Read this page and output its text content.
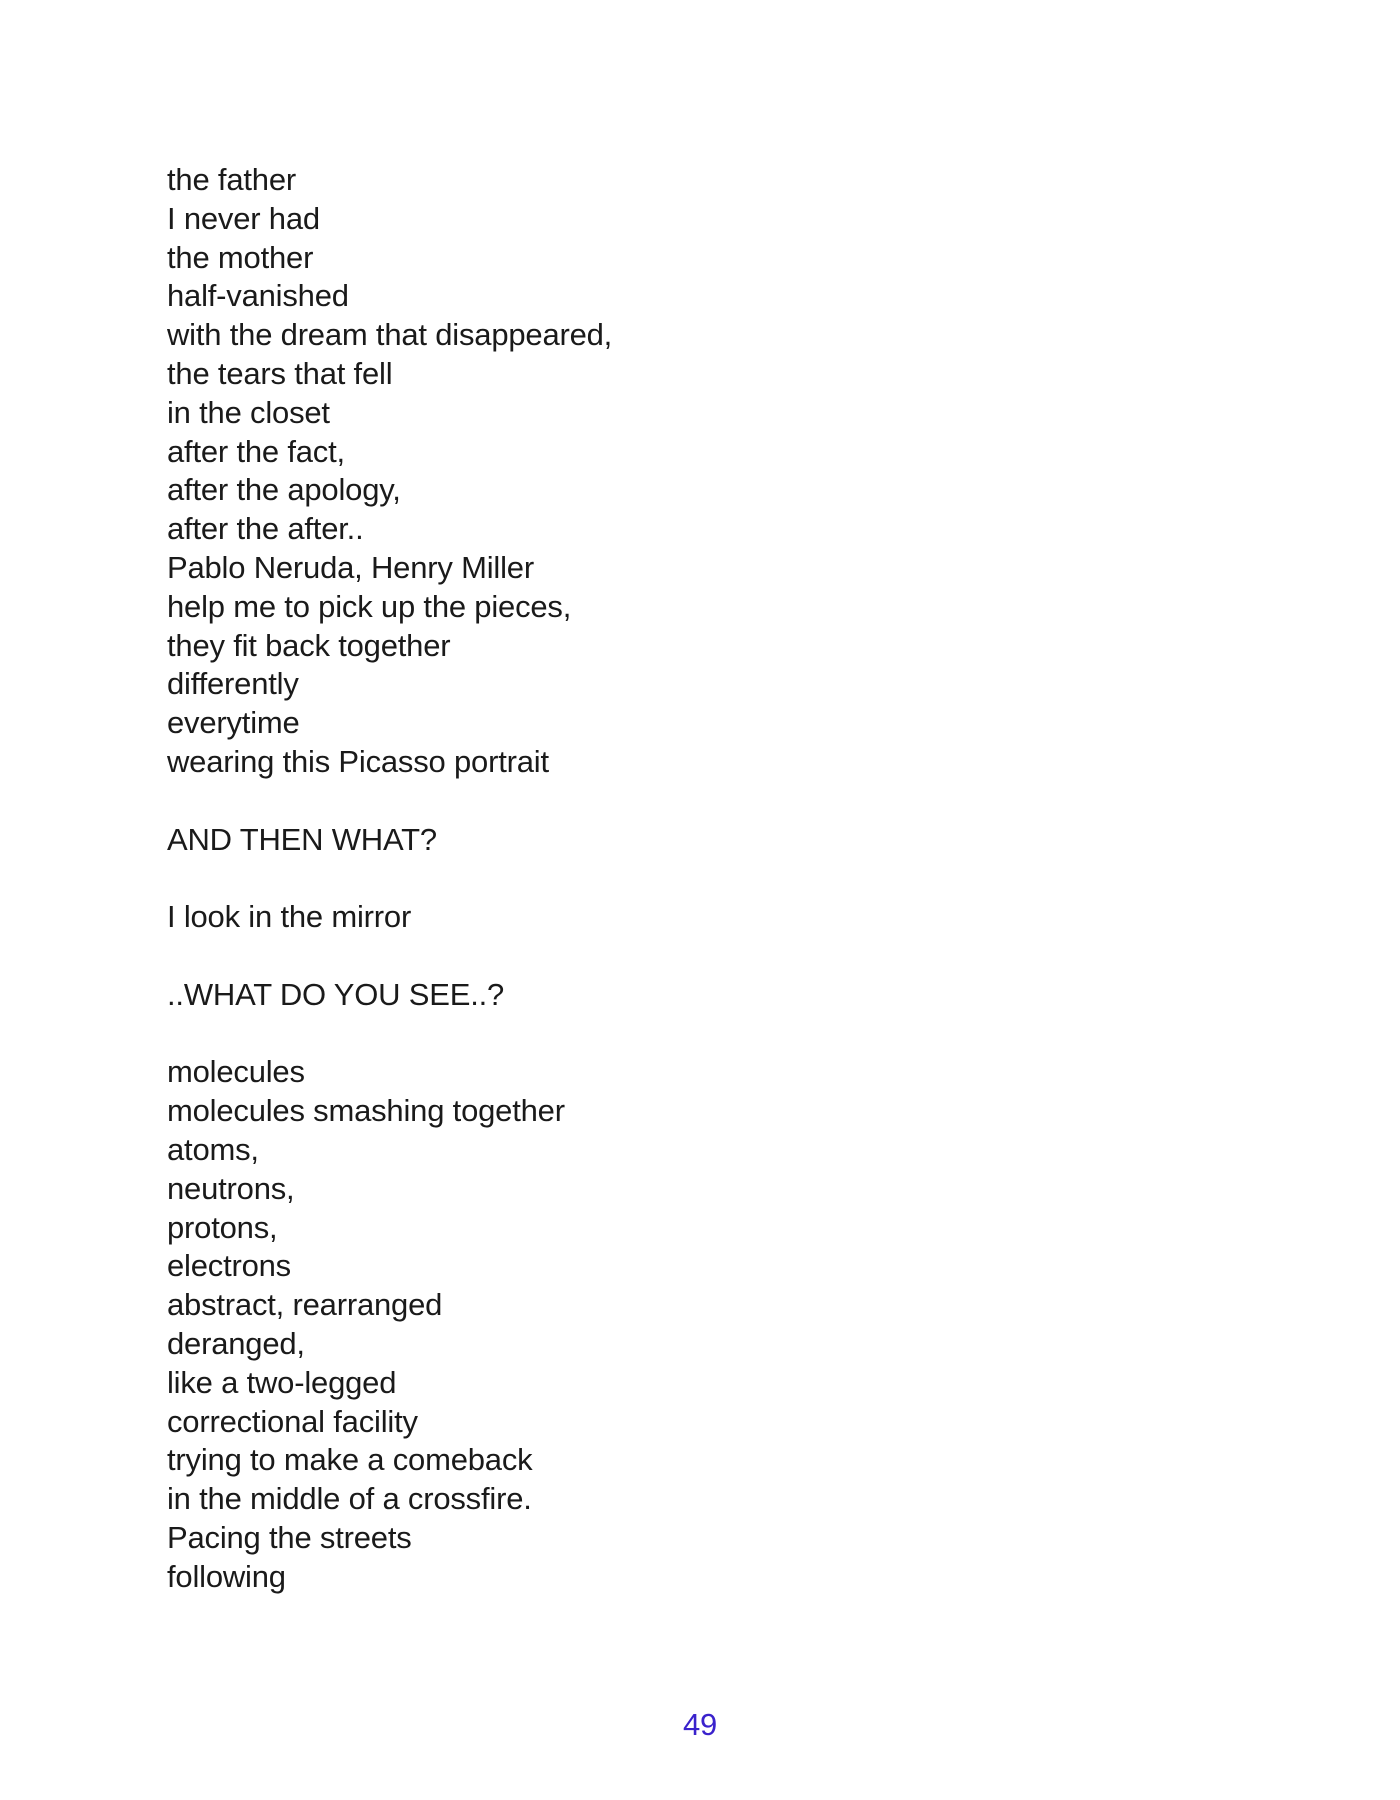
the father
I never had
the mother
half-vanished
with the dream that disappeared,
the tears that fell
in the closet
after the fact,
after the apology,
after the after..
Pablo Neruda, Henry Miller
help me to pick up the pieces,
they fit back together
differently
everytime
wearing this Picasso portrait
AND THEN WHAT?
I look in the mirror
..WHAT DO YOU SEE..?
molecules
molecules smashing together
atoms,
neutrons,
protons,
electrons
abstract, rearranged
deranged,
like a two-legged
correctional facility
trying to make a comeback
in the middle of a crossfire.
Pacing the streets
following
49
